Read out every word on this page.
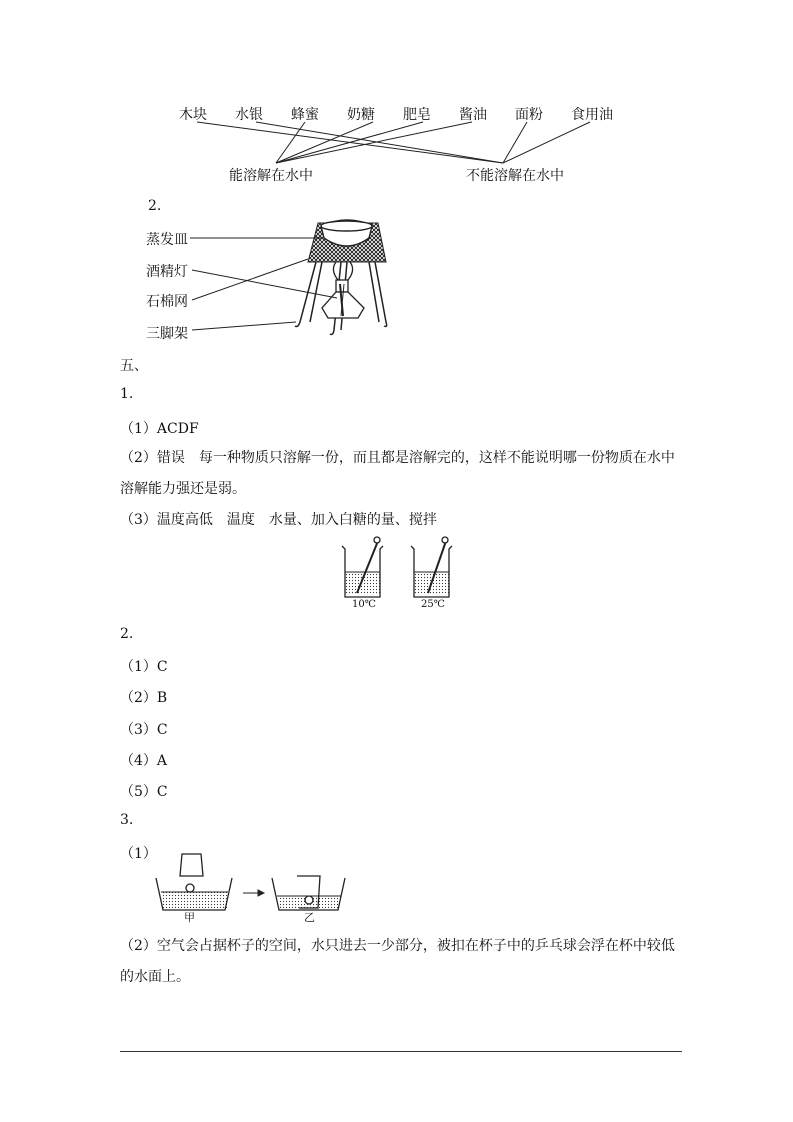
木块 水银 蜂蜜 奶糖 肥皂 酱油 面粉 食用油
能溶解在水中	不能溶解在水中
2.
蒸发皿
酒精灯
石棉网
三脚架
五、
1.
（1）ACDF
（2）错误　每一种物质只溶解一份，而且都是溶解完的，这样不能说明哪一份物质在水中
溶解能力强还是弱。
（3）温度高低　温度　水量、加入白糖的量、搅拌
10℃	25℃
2.
（1）C
（2）B
（3）C
（4）A
（5）C
3.
（1）
甲	乙
（2）空气会占据杯子的空间，水只进去一少部分，被扣在杯子中的乒乓球会浮在杯中较低
的水面上。
